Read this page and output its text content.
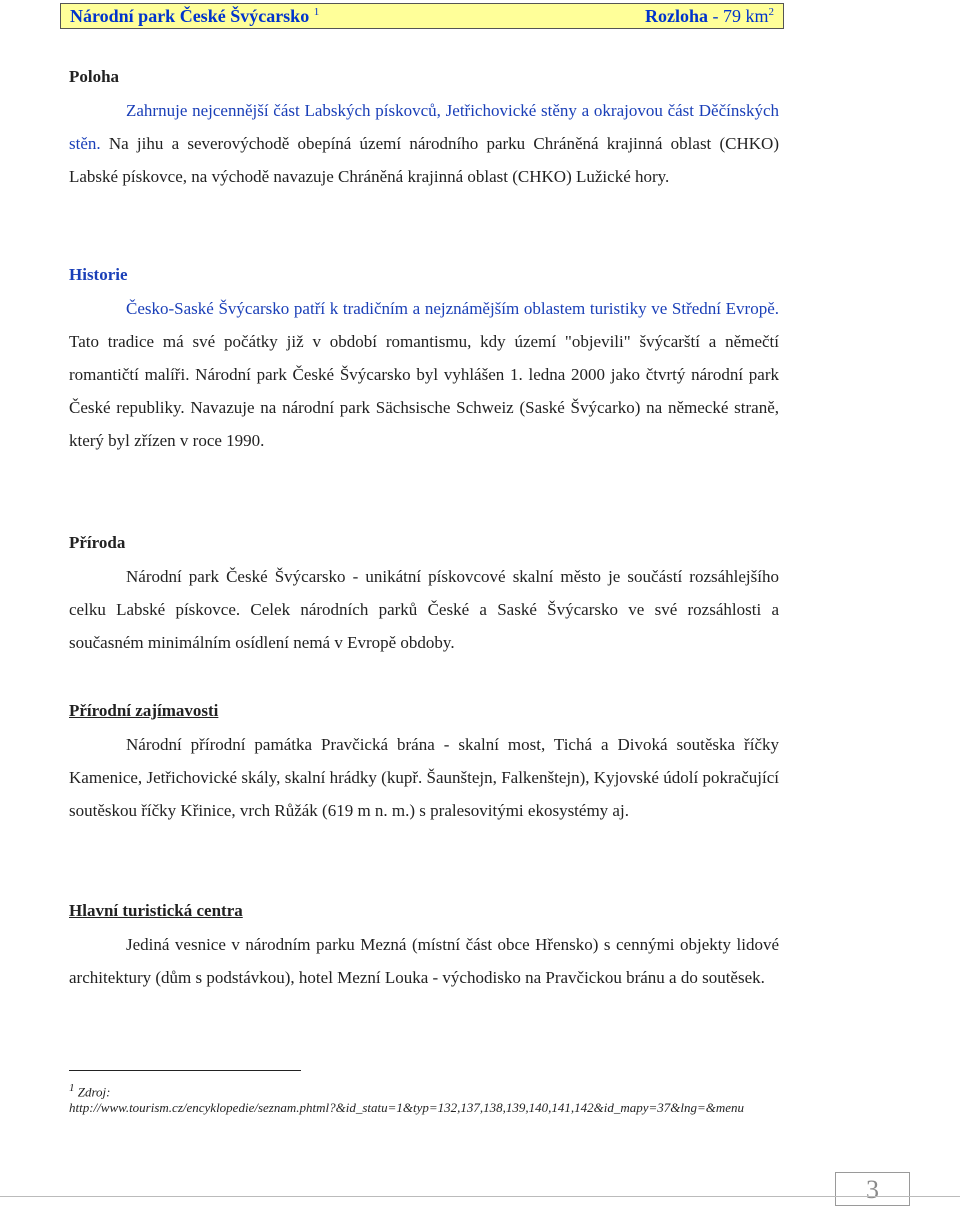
Národní park České Švýcarsko $^1$	Rozloha - 79 $km^2$
Poloha

Zahrnuje nejcennější část Labských pískovců, Jetřichovické stěny a okrajovou část Děčínských stěn. Na jihu a severovýchodě obepíná území národního parku Chráněná krajinná oblast (CHKO) Labské pískovce, na východě navazuje Chráněná krajinná oblast (CHKO) Lužické hory.

Historie

Česko-Saské Švýcarsko patří k tradičním a nejznámějším oblastem turistiky ve Střední Evropě. Tato tradice má své počátky již v období romantismu, kdy území "objevili" švýcarští a němečtí romantičtí malíři. Národní park České Švýcarsko byl vyhlášen 1. ledna 2000 jako čtvrtý národní park České republiky. Navazuje na národní park Sächsische Schweiz (Saské Švýcarko) na německé straně, který byl zřízen v roce 1990.

Příroda

Národní park České Švýcarsko - unikátní pískovcové skalní město je součástí rozsáhlejšího celku Labské pískovce. Celek národních parků České a Saské Švýcarsko ve své rozsáhlosti a současném minimálním osídlení nemá v Evropě obdoby.

Přírodní zajímavosti

Národní přírodní památka Pravčická brána - skalní most, Tichá a Divoká soutěska říčky Kamenice, Jetřichovické skály, skalní hrádky (kupř. Šaunštejn, Falkenštejn), Kyjovské údolí pokračující soutěskou říčky Křinice, vrch Růžák (619 m n. m.) s pralesovitými ekosystémy aj.

Hlavní turistická centra

Jediná vesnice v národním parku Mezná (místní část obce Hřensko) s cennými objekty lidové architektury (dům s podstávkou), hotel Mezní Louka - východisko na Pravčickou bránu a do soutěsek.

$^1$ Zdroj:
http://www.tourism.cz/encyklopedie/seznam.phtml?&id_statu=1&typ=132,137,138,139,140,141,142&id_mapy=37&lng=&menu
3
